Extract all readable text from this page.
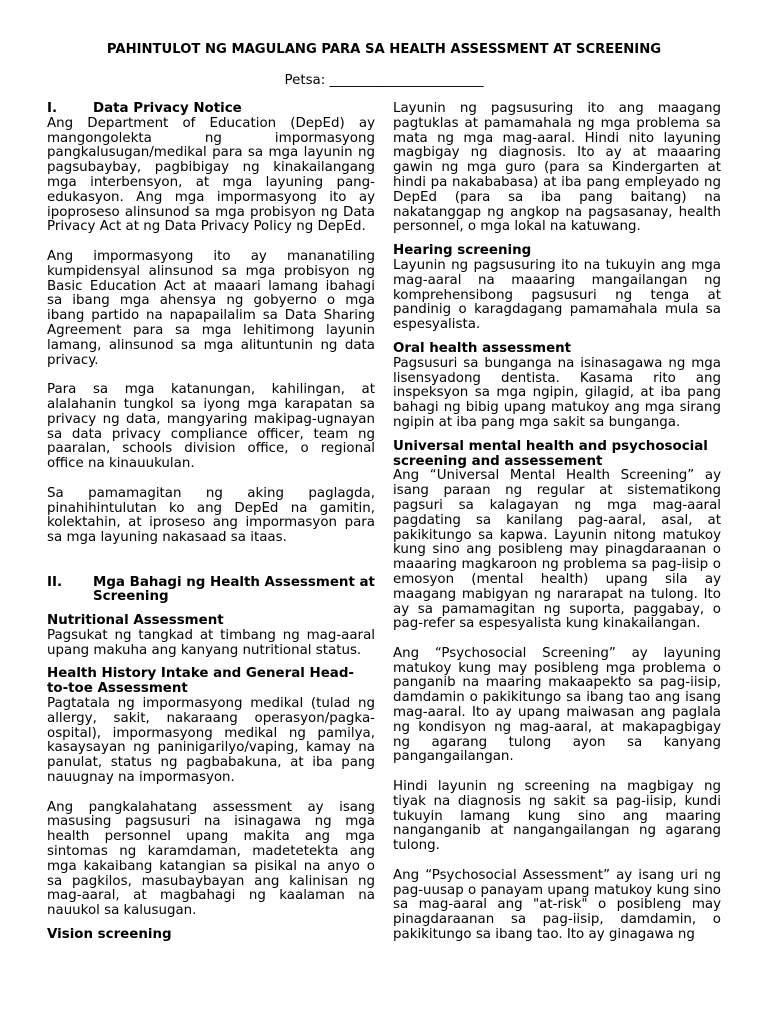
PAHINTULOT NG MAGULANG PARA SA HEALTH ASSESSMENT AT SCREENING
Petsa: _______________________
I.	Data Privacy Notice

Ang Department of Education (DepEd) ay mangongolekta ng impormasyong pangkalusugan/medikal para sa mga layunin ng pagsubaybay, pagbibigay ng kinakailangang mga interbensyon, at mga layuning pang-edukasyon. Ang mga impormasyong ito ay ipoproseso alinsunod sa mga probisyon ng Data Privacy Act at ng Data Privacy Policy ng DepEd.

Ang impormasyong ito ay mananatiling kumpidensyal alinsunod sa mga probisyon ng Basic Education Act at maaari lamang ibahagi sa ibang mga ahensya ng gobyerno o mga ibang partido na napapailalim sa Data Sharing Agreement para sa mga lehitimong layunin lamang, alinsunod sa mga alituntunin ng data privacy.

Para sa mga katanungan, kahilingan, at alalahanin tungkol sa iyong mga karapatan sa privacy ng data, mangyaring makipag-ugnayan sa data privacy compliance officer, team ng paaralan, schools division office, o regional office na kinauukulan.

Sa pamamagitan ng aking paglagda, pinahihintulutan ko ang DepEd na gamitin, kolektahin, at iproseso ang impormasyon para sa mga layuning nakasaad sa itaas.

II.	Mga Bahagi ng Health Assessment at Screening

Nutritional Assessment

Pagsukat ng tangkad at timbang ng mag-aaral upang makuha ang kanyang nutritional status.

Health History Intake and General Head-to-toe Assessment

Pagtatala ng impormasyong medikal (tulad ng allergy, sakit, nakaraang operasyon/pagka-ospital), impormasyong medikal ng pamilya, kasaysayan ng paninigarilyo/vaping, kamay na panulat, status ng pagbabakuna, at iba pang nauugnay na impormasyon.

Ang pangkalahatang assessment ay isang masusing pagsusuri na isinagawa ng mga health personnel upang makita ang mga sintomas ng karamdaman, madetetekta ang mga kakaibang katangian sa pisikal na anyo o sa pagkilos, masubaybayan ang kalinisan ng mag-aaral, at magbahagi ng kaalaman na nauukol sa kalusugan.

Vision screening

Layunin ng pagsusuring ito ang maagang pagtuklas at pamamahala ng mga problema sa mata ng mga mag-aaral. Hindi nito layuning magbigay ng diagnosis. Ito ay at maaaring gawin ng mga guro (para sa Kindergarten at hindi pa nakababasa) at iba pang empleyado ng DepEd (para sa iba pang baitang) na nakatanggap ng angkop na pagsasanay, health personnel, o mga lokal na katuwang.

Hearing screening

Layunin ng pagsusuring ito na tukuyin ang mga mag-aaral na maaaring mangailangan ng komprehensibong pagsusuri ng tenga at pandinig o karagdagang pamamahala mula sa espesyalista.

Oral health assessment

Pagsusuri sa bunganga na isinasagawa ng mga lisensyadong dentista. Kasama rito ang inspeksyon sa mga ngipin, gilagid, at iba pang bahagi ng bibig upang matukoy ang mga sirang ngipin at iba pang mga sakit sa bunganga.

Universal mental health and psychosocial screening and assessement

Ang “Universal Mental Health Screening” ay isang paraan ng regular at sistematikong pagsuri sa kalagayan ng mga mag-aaral pagdating sa kanilang pag-aaral, asal, at pakikitungo sa kapwa. Layunin nitong matukoy kung sino ang posibleng may pinagdaraanan o maaaring magkaroon ng problema sa pag-iisip o emosyon (mental health) upang sila ay maagang mabigyan ng nararapat na tulong. Ito ay sa pamamagitan ng suporta, paggabay, o pag-refer sa espesyalista kung kinakailangan.

Ang “Psychosocial Screening” ay layuning matukoy kung may posibleng mga problema o panganib na maaring makaapekto sa pag-iisip, damdamin o pakikitungo sa ibang tao ang isang mag-aaral. Ito ay upang maiwasan ang paglala ng kondisyon ng mag-aaral, at makapagbigay ng agarang tulong ayon sa kanyang pangangailangan.

Hindi layunin ng screening na magbigay ng tiyak na diagnosis ng sakit sa pag-iisip, kundi tukuyin lamang kung sino ang maaring nanganganib at nangangailangan ng agarang tulong.

Ang “Psychosocial Assessment” ay isang uri ng pag-uusap o panayam upang matukoy kung sino sa mag-aaral ang "at-risk" o posibleng may pinagdaraanan sa pag-iisip, damdamin, o pakikitungo sa ibang tao. Ito ay ginagawa ng
